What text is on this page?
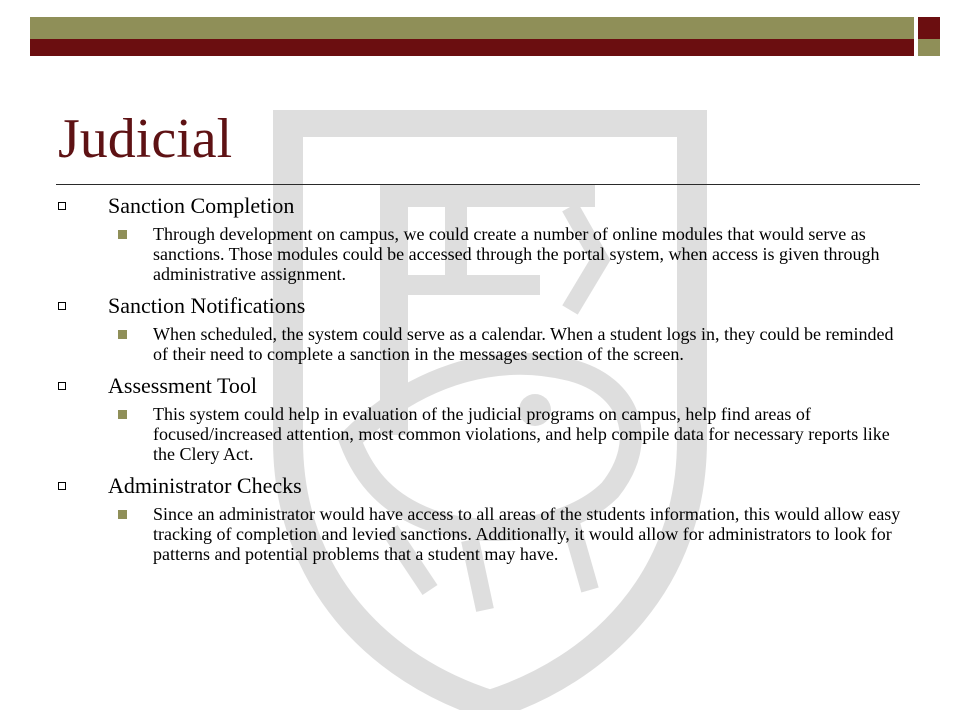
Judicial
Sanction Completion
Through development on campus, we could create a number of online modules that would serve as sanctions. Those modules could be accessed through the portal system, when access is given through administrative assignment.
Sanction Notifications
When scheduled, the system could serve as a calendar. When a student logs in, they could be reminded of their need to complete a sanction in the messages section of the screen.
Assessment Tool
This system could help in evaluation of the judicial programs on campus, help find areas of focused/increased attention, most common violations, and help compile data for necessary reports like the Clery Act.
Administrator Checks
Since an administrator would have access to all areas of the students information, this would allow easy tracking of completion and levied sanctions. Additionally, it would allow for administrators to look for patterns and potential problems that a student may have.
